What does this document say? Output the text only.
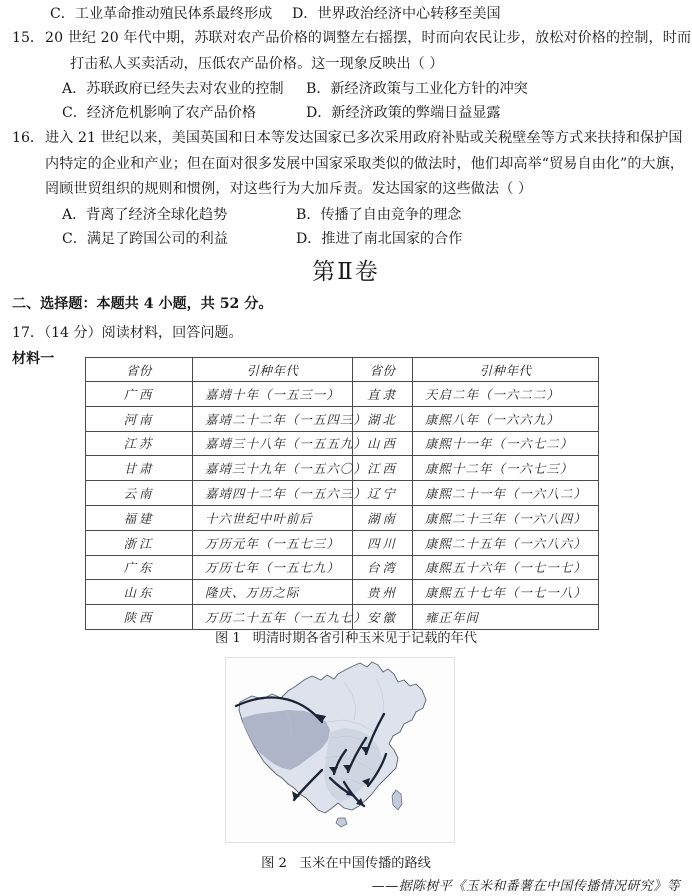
C．工业革命推动殖民体系最终形成 D．世界政治经济中心转移至美国
15． 20 世纪 20 年代中期，苏联对农产品价格的调整左右摇摆，时而向农民让步，放松对价格的控制，时而
打击私人买卖活动，压低农产品价格。这一现象反映出（ ）
A．苏联政府已经失去对农业的控制 B．新经济政策与工业化方针的冲突
C．经济危机影响了农产品价格	D．新经济政策的弊端日益显露
16． 进入 21 世纪以来，美国英国和日本等发达国家已多次采用政府补贴或关税壁垒等方式来扶持和保护国
内特定的企业和产业；但在面对很多发展中国家采取类似的做法时，他们却高举“贸易自由化”的大旗，
罔顾世贸组织的规则和惯例，对这些行为大加斥责。发达国家的这些做法（ ）
A．背离了经济全球化趋势	B．传播了自由竞争的理念
C．满足了跨国公司的利益	D．推进了南北国家的合作
第Ⅱ卷
二、选择题：本题共 4 小题，共 52 分。
17．（14 分）阅读材料，回答问题。
材料一
省份	引种年代	省份	引种年代
广西	嘉靖十年（一五三一）	直隶	天启二年（一六二二）
河南	嘉靖二十二年（一五四三）	湖北	康熙八年（一六六九）
江苏	嘉靖三十八年（一五五九）	山西	康熙十一年（一六七二）
甘肃	嘉靖三十九年（一五六〇）	江西	康熙十二年（一六七三）
云南	嘉靖四十二年（一五六三）	辽宁	康熙二十一年（一六八二）
福建	十六世纪中叶前后	湖南	康熙二十三年（一六八四）
浙江	万历元年（一五七三）	四川	康熙二十五年（一六八六）
广东	万历七年（一五七九）	台湾	康熙五十六年（一七一七）
山东	隆庆、万历之际	贵州	康熙五十七年（一七一八）
陕西	万历二十五年（一五九七）	安徽	雍正年间
图 1 明清时期各省引种玉米见于记载的年代
图 2 玉米在中国传播的路线
——据陈树平《玉米和番薯在中国传播情况研究》等
